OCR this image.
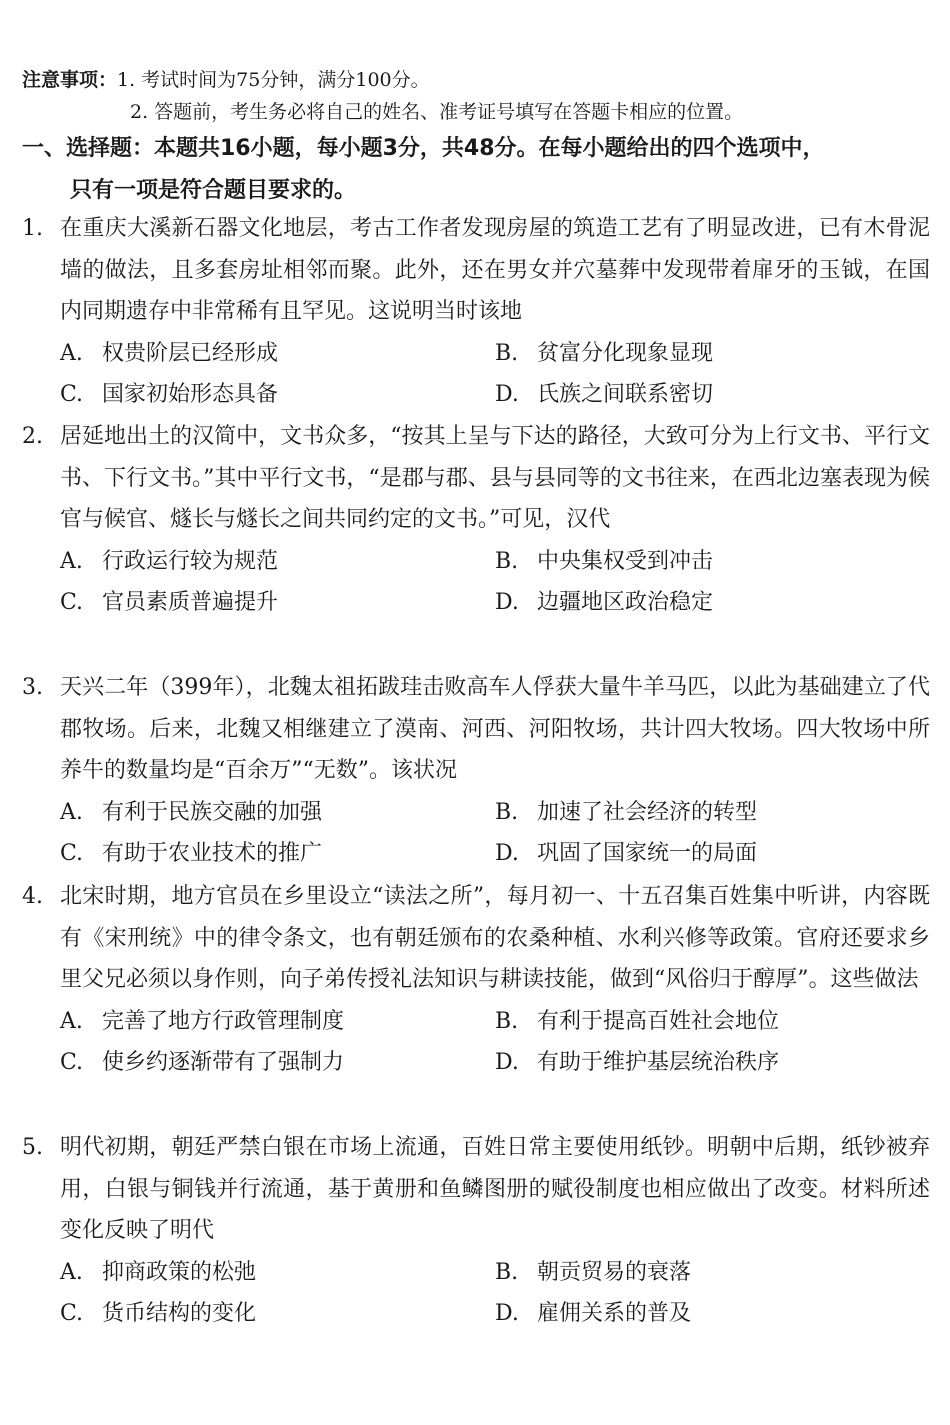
注意事项：1. 考试时间为75分钟，满分100分。
2. 答题前，考生务必将自己的姓名、准考证号填写在答题卡相应的位置。
一、选择题：本题共16小题，每小题3分，共48分。在每小题给出的四个选项中，
只有一项是符合题目要求的。
1. 在重庆大溪新石器文化地层，考古工作者发现房屋的筑造工艺有了明显改进，已有木骨泥墙的做法，且多套房址相邻而聚。此外，还在男女并穴墓葬中发现带着扉牙的玉钺，在国内同期遗存中非常稀有且罕见。这说明当时该地
A. 权贵阶层已经形成	B. 贫富分化现象显现
C. 国家初始形态具备	D. 氏族之间联系密切
2. 居延地出土的汉简中，文书众多，“按其上呈与下达的路径，大致可分为上行文书、平行文书、下行文书。”其中平行文书，“是郡与郡、县与县同等的文书往来，在西北边塞表现为候官与候官、燧长与燧长之间共同约定的文书。”可见，汉代
A. 行政运行较为规范	B. 中央集权受到冲击
C. 官员素质普遍提升	D. 边疆地区政治稳定
3. 天兴二年（399年），北魏太祖拓跋珪击败高车人俘获大量牛羊马匹，以此为基础建立了代郡牧场。后来，北魏又相继建立了漠南、河西、河阳牧场，共计四大牧场。四大牧场中所养牛的数量均是“百余万”“无数”。该状况
A. 有利于民族交融的加强	B. 加速了社会经济的转型
C. 有助于农业技术的推广	D. 巩固了国家统一的局面
4. 北宋时期，地方官员在乡里设立“读法之所”，每月初一、十五召集百姓集中听讲，内容既有《宋刑统》中的律令条文，也有朝廷颁布的农桑种植、水利兴修等政策。官府还要求乡里父兄必须以身作则，向子弟传授礼法知识与耕读技能，做到“风俗归于醇厚”。这些做法
A. 完善了地方行政管理制度	B. 有利于提高百姓社会地位
C. 使乡约逐渐带有了强制力	D. 有助于维护基层统治秩序
5. 明代初期，朝廷严禁白银在市场上流通，百姓日常主要使用纸钞。明朝中后期，纸钞被弃用，白银与铜钱并行流通，基于黄册和鱼鳞图册的赋役制度也相应做出了改变。材料所述变化反映了明代
A. 抑商政策的松弛	B. 朝贡贸易的衰落
C. 货币结构的变化	D. 雇佣关系的普及
